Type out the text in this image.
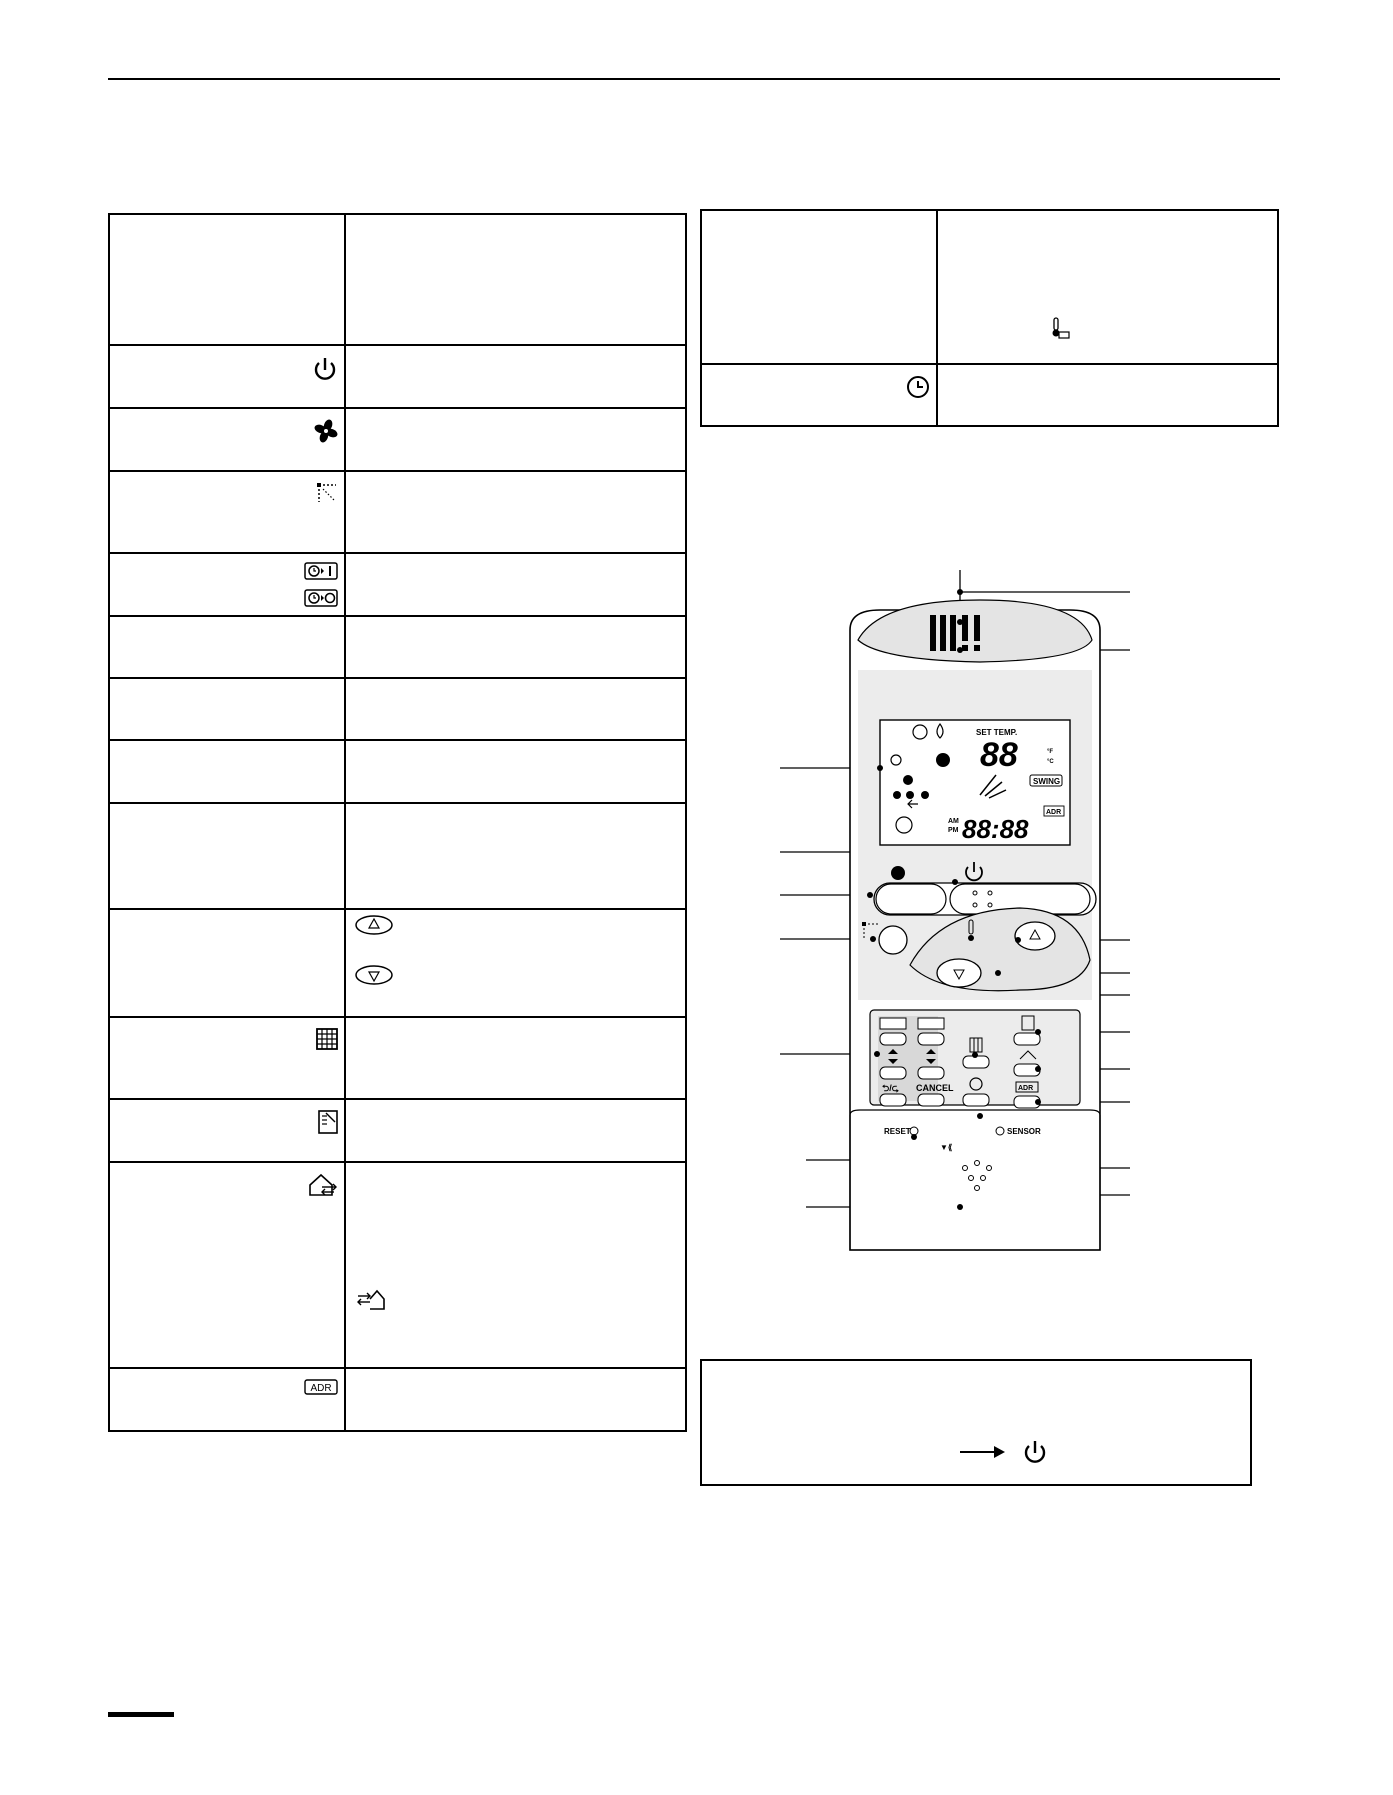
ADR	

SET TEMP.
88	°F
°C
SWING
ADR
AM
PM 88:88
⮌/⮎ CANCEL	ADR
RESET	SENSOR
▼⟪
